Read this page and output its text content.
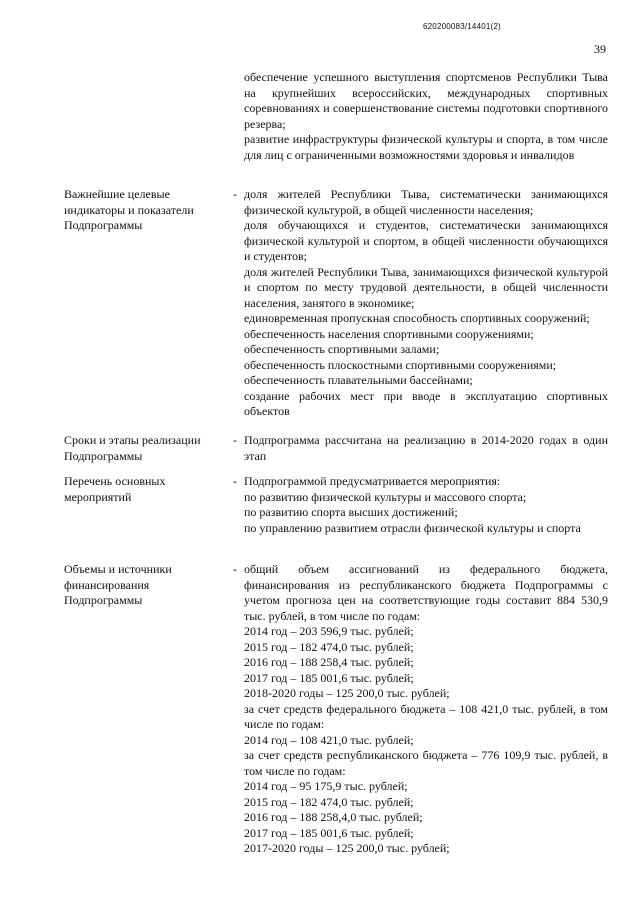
620200083/14401(2)
39

обеспечение успешного выступления спортсменов Республики Тыва на крупнейших всероссийских, международных спортивных соревнованиях и совершенствование системы подготовки спортивного резерва;

развитие инфраструктуры физической культуры и спорта, в том числе для лиц с ограниченными возможностями здоровья и инвалидов

Важнейшие целевые индикаторы и показатели Подпрограммы
- доля жителей Республики Тыва, систематически занимающихся физической культурой, в общей численности населения;

доля обучающихся и студентов, систематически занимающихся физической культурой и спортом, в общей численности обучающихся и студентов;

доля жителей Республики Тыва, занимающихся физической культурой и спортом по месту трудовой деятельности, в общей численности населения, занятого в экономике;

единовременная пропускная способность спортивных сооружений;

обеспеченность населения спортивными сооружениями;

обеспеченность спортивными залами;

обеспеченность плоскостными спортивными сооружениями;

обеспеченность плавательными бассейнами;

создание рабочих мест при вводе в эксплуатацию спортивных объектов

Сроки и этапы реализации Подпрограммы
- Подпрограмма рассчитана на реализацию в 2014-2020 годах в один этап

Перечень основных мероприятий
- Подпрограммой предусматривается мероприятия:

по развитию физической культуры и массового спорта;

по развитию спорта высших достижений;

по управлению развитием отрасли физической культуры и спорта

Объемы и источники финансирования Подпрограммы
- общий объем ассигнований из федерального бюджета, финансирования из республиканского бюджета Подпрограммы с учетом прогноза цен на соответствующие годы составит 884 530,9 тыс. рублей, в том числе по годам:

2014 год – 203 596,9 тыс. рублей;

2015 год – 182 474,0 тыс. рублей;

2016 год – 188 258,4 тыс. рублей;

2017 год – 185 001,6 тыс. рублей;

2018-2020 годы – 125 200,0 тыс. рублей;

за счет средств федерального бюджета – 108 421,0 тыс. рублей, в том числе по годам:

2014 год – 108 421,0 тыс. рублей;

за счет средств республиканского бюджета – 776 109,9 тыс. рублей, в том числе по годам:

2014 год – 95 175,9 тыс. рублей;

2015 год – 182 474,0 тыс. рублей;

2016 год – 188 258,4,0 тыс. рублей;

2017 год – 185 001,6 тыс. рублей;

2017-2020 годы – 125 200,0 тыс. рублей;
